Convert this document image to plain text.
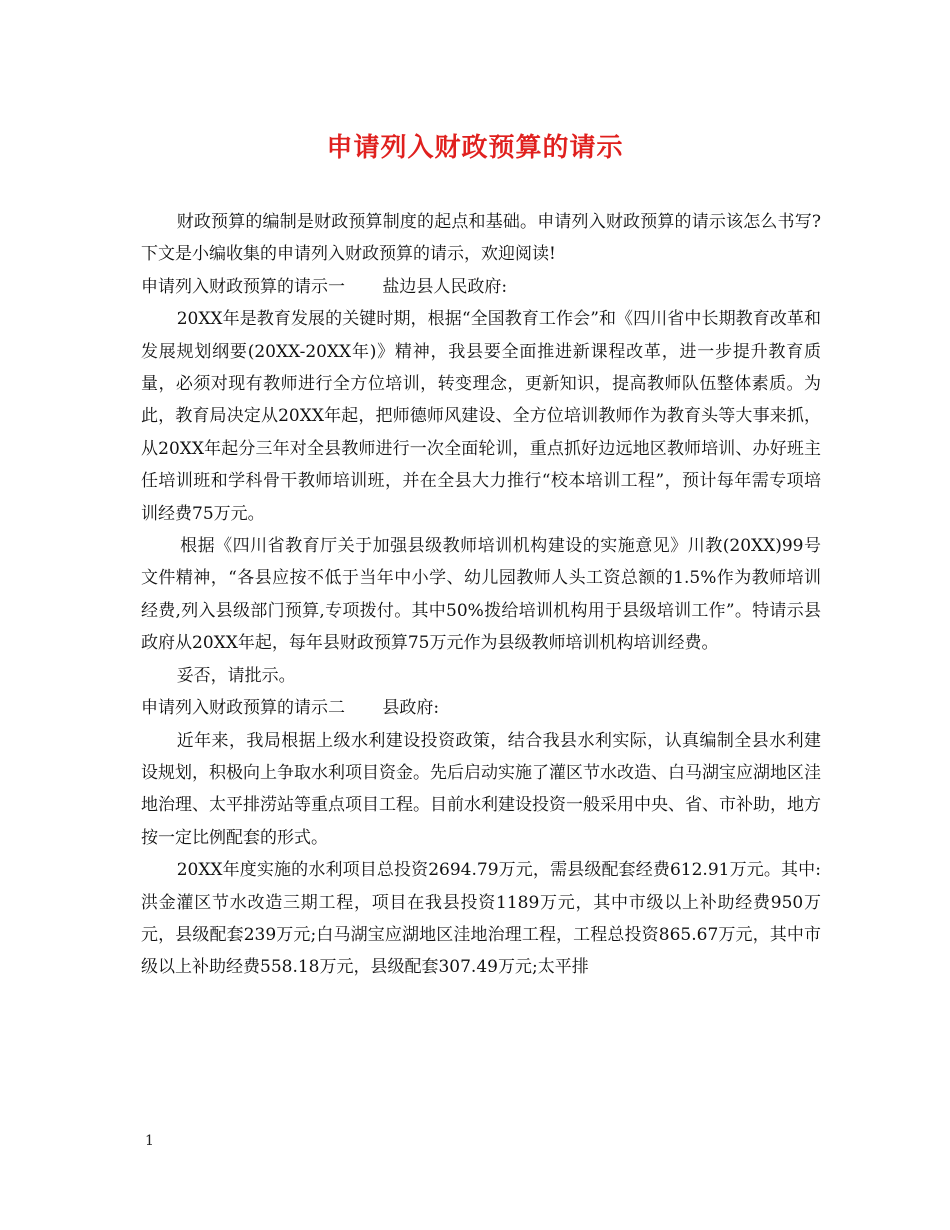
申请列入财政预算的请示

财政预算的编制是财政预算制度的起点和基础。申请列入财政预算的请示该怎么书写?下文是小编收集的申请列入财政预算的请示，欢迎阅读!

申请列入财政预算的请示一 盐边县人民政府:

20XX年是教育发展的关键时期，根据“全国教育工作会”和《四川省中长期教育改革和发展规划纲要(20XX-20XX年)》精神，我县要全面推进新课程改革，进一步提升教育质量，必须对现有教师进行全方位培训，转变理念，更新知识，提高教师队伍整体素质。为此，教育局决定从20XX年起，把师德师风建设、全方位培训教师作为教育头等大事来抓，从20XX年起分三年对全县教师进行一次全面轮训，重点抓好边远地区教师培训、办好班主任培训班和学科骨干教师培训班，并在全县大力推行“校本培训工程”，预计每年需专项培训经费75万元。

根据《四川省教育厅关于加强县级教师培训机构建设的实施意见》川教(20XX)99号文件精神，“各县应按不低于当年中小学、幼儿园教师人头工资总额的1.5%作为教师培训经费,列入县级部门预算,专项拨付。其中50%拨给培训机构用于县级培训工作”。特请示县政府从20XX年起，每年县财政预算75万元作为县级教师培训机构培训经费。

妥否，请批示。

申请列入财政预算的请示二 县政府:

近年来，我局根据上级水利建设投资政策，结合我县水利实际，认真编制全县水利建设规划，积极向上争取水利项目资金。先后启动实施了灌区节水改造、白马湖宝应湖地区洼地治理、太平排涝站等重点项目工程。目前水利建设投资一般采用中央、省、市补助，地方按一定比例配套的形式。

20XX年度实施的水利项目总投资2694.79万元，需县级配套经费612.91万元。其中:洪金灌区节水改造三期工程，项目在我县投资1189万元，其中市级以上补助经费950万元，县级配套239万元;白马湖宝应湖地区洼地治理工程，工程总投资865.67万元，其中市级以上补助经费558.18万元，县级配套307.49万元;太平排

1
